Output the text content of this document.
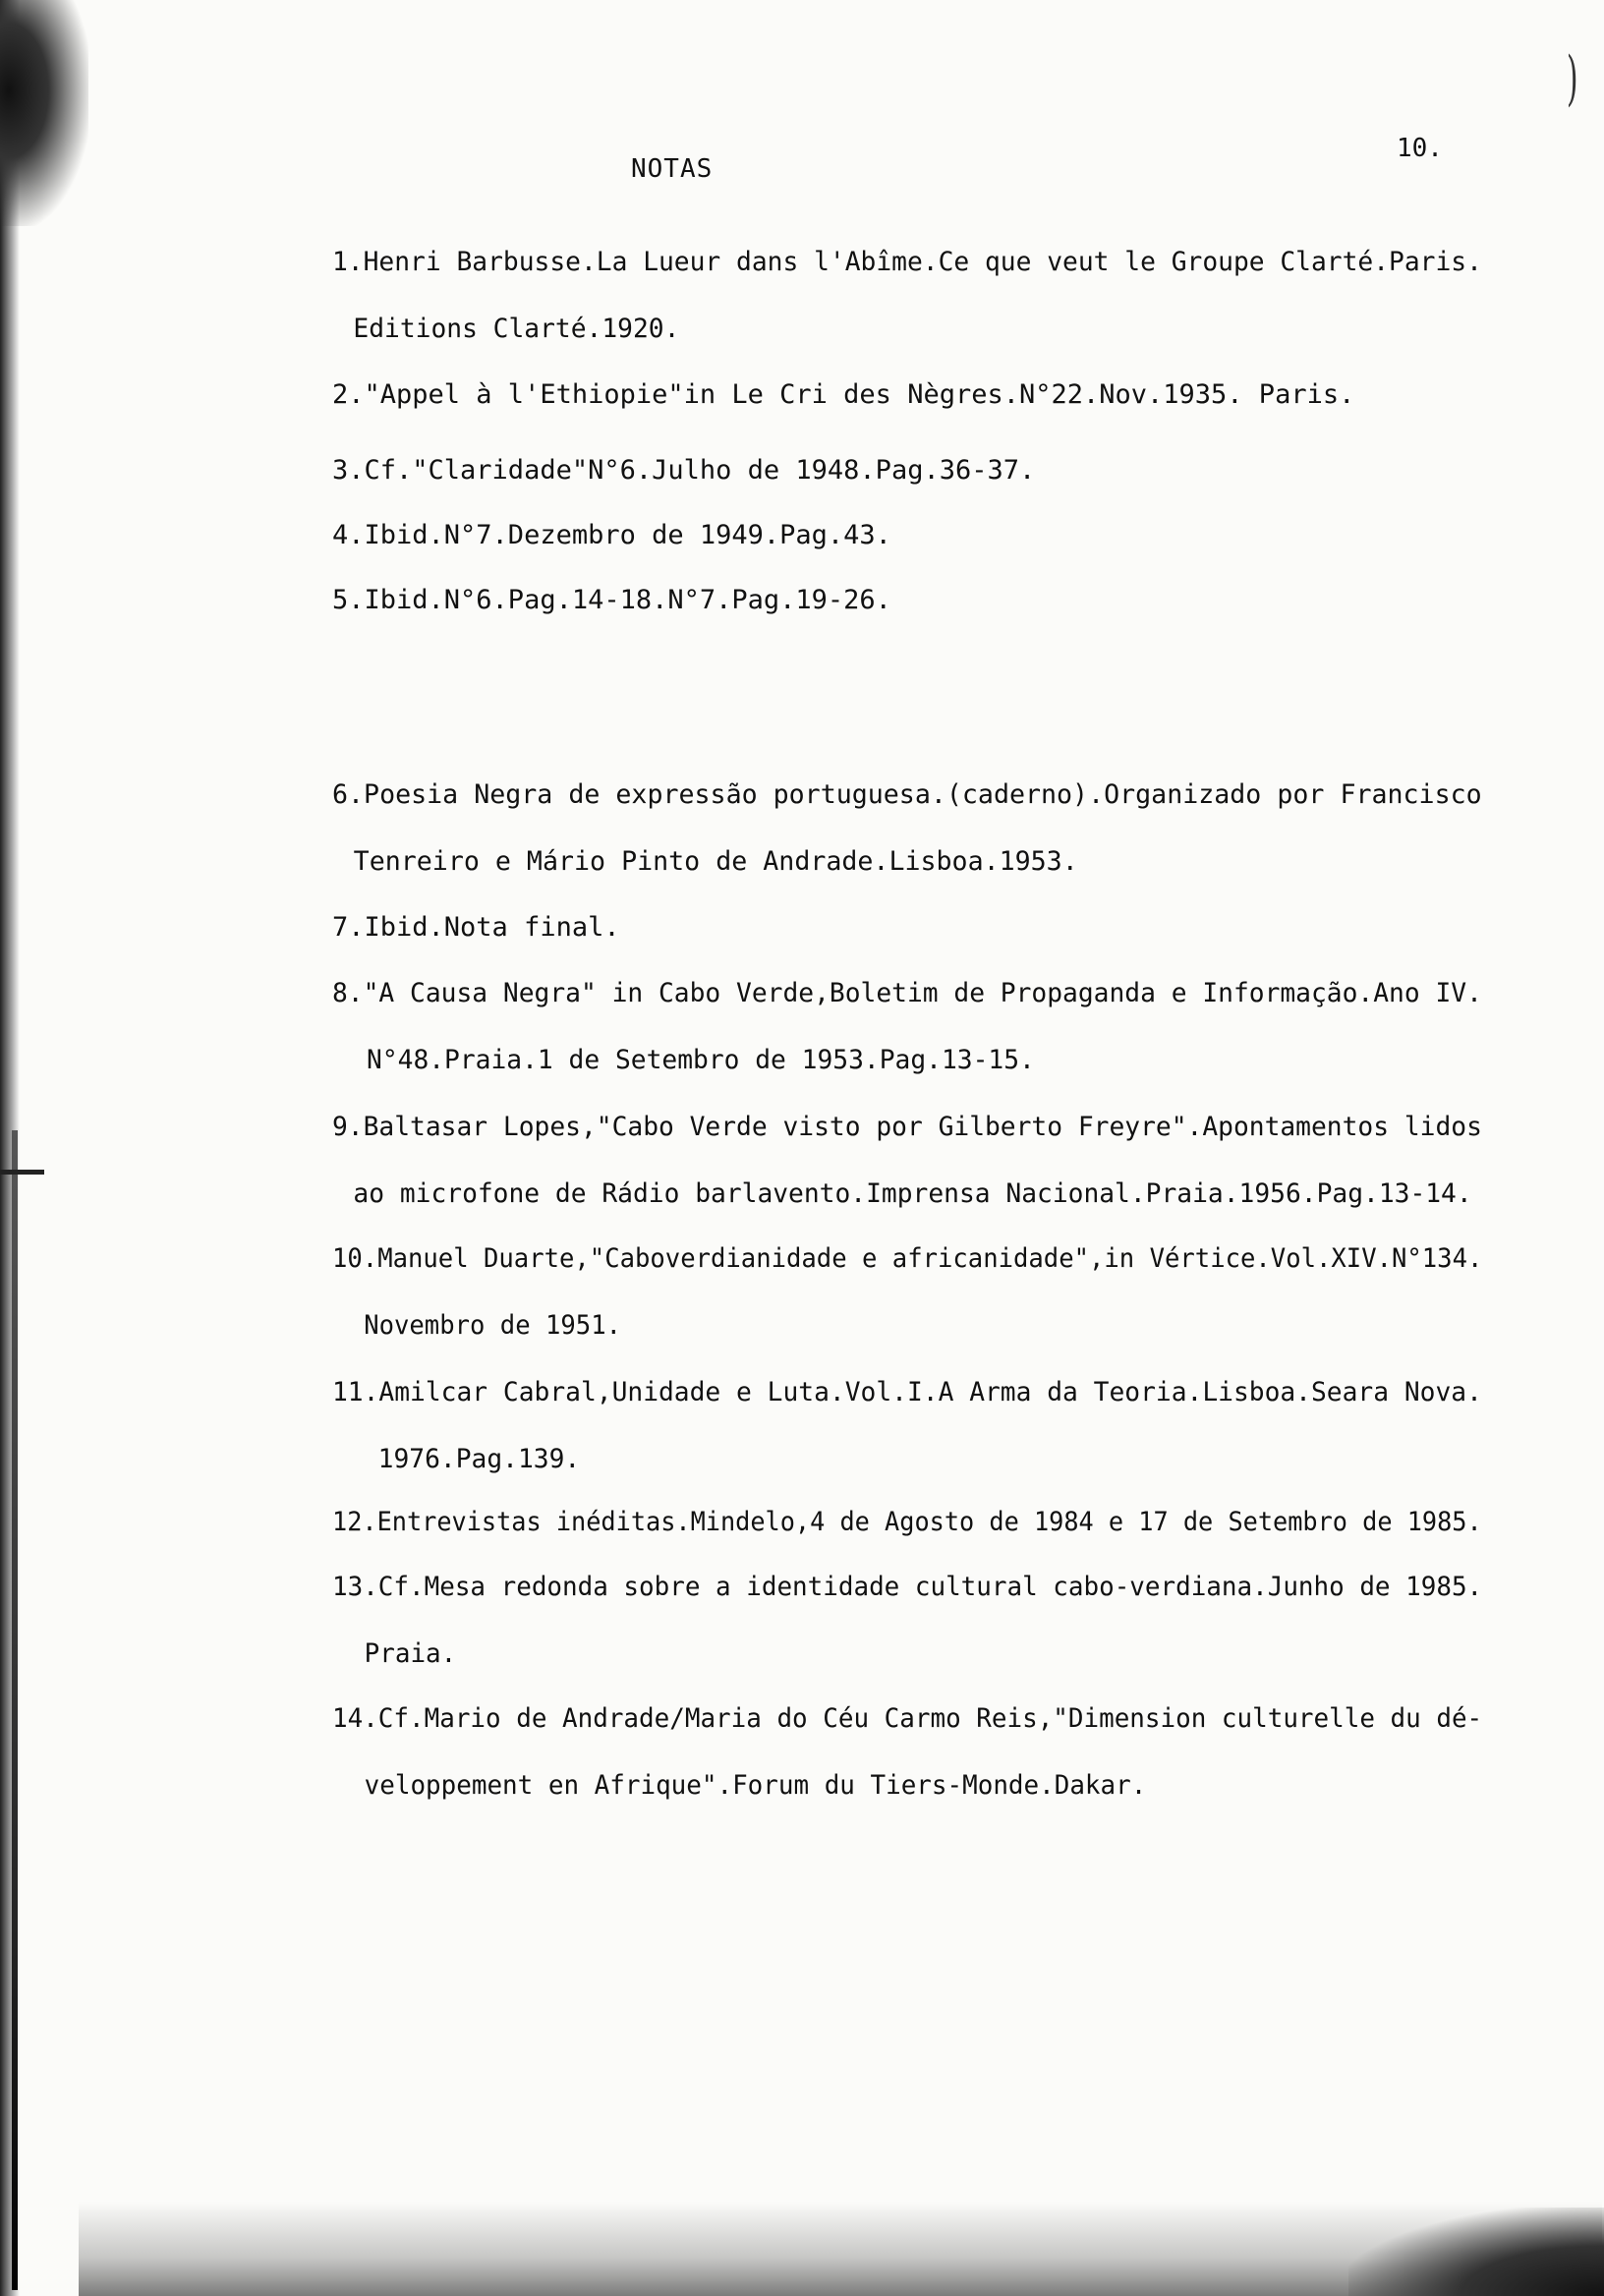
)
NOTAS
10.
1.Henri Barbusse.La Lueur dans l'Abîme.Ce que veut le Groupe Clarté.Paris.
Editions Clarté.1920.
2."Appel à l'Ethiopie"in Le Cri des Nègres.N°22.Nov.1935. Paris.
3.Cf."Claridade"N°6.Julho de 1948.Pag.36-37.
4.Ibid.N°7.Dezembro de 1949.Pag.43.
5.Ibid.N°6.Pag.14-18.N°7.Pag.19-26.
6.Poesia Negra de expressão portuguesa.(caderno).Organizado por Francisco
Tenreiro e Mário Pinto de Andrade.Lisboa.1953.
7.Ibid.Nota final.
8."A Causa Negra" in Cabo Verde,Boletim de Propaganda e Informação.Ano IV.
N°48.Praia.1 de Setembro de 1953.Pag.13-15.
9.Baltasar Lopes,"Cabo Verde visto por Gilberto Freyre".Apontamentos lidos
ao microfone de Rádio barlavento.Imprensa Nacional.Praia.1956.Pag.13-14.
10.Manuel Duarte,"Caboverdianidade e africanidade",in Vértice.Vol.XIV.N°134.
Novembro de 1951.
11.Amilcar Cabral,Unidade e Luta.Vol.I.A Arma da Teoria.Lisboa.Seara Nova.
1976.Pag.139.
12.Entrevistas inéditas.Mindelo,4 de Agosto de 1984 e 17 de Setembro de 1985.
13.Cf.Mesa redonda sobre a identidade cultural cabo-verdiana.Junho de 1985.
Praia.
14.Cf.Mario de Andrade/Maria do Céu Carmo Reis,"Dimension culturelle du dé-
veloppement en Afrique".Forum du Tiers-Monde.Dakar.
